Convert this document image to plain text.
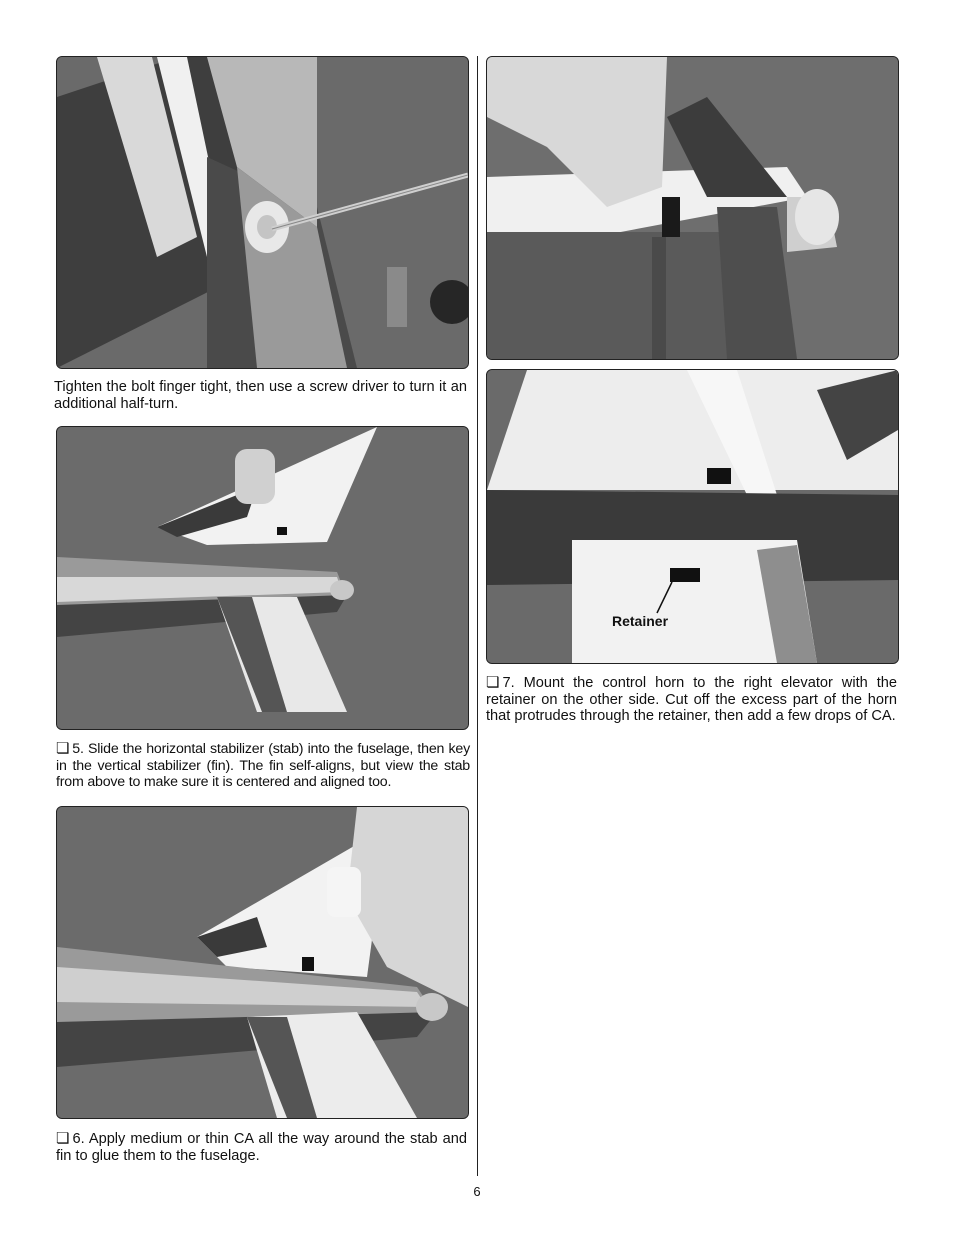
Tighten the bolt finger tight, then use a screw driver to turn it an additional half-turn.
❏ 5. Slide the horizontal stabilizer (stab) into the fuselage, then key in the vertical stabilizer (fin). The fin self-aligns, but view the stab from above to make sure it is centered and aligned too.
❏ 6. Apply medium or thin CA all the way around the stab and fin to glue them to the fuselage.
Retainer
❏ 7. Mount the control horn to the right elevator with the retainer on the other side. Cut off the excess part of the horn that protrudes through the retainer, then add a few drops of CA.
6
